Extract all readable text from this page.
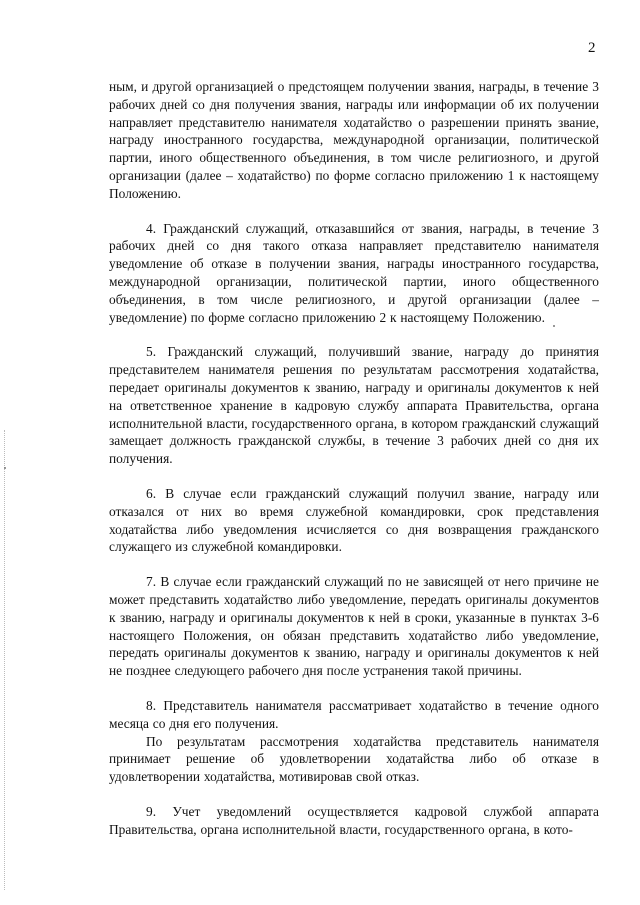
2

ным, и другой организацией о предстоящем получении звания, награды, в течение 3 рабочих дней со дня получения звания, награды или информации об их получении направляет представителю нанимателя ходатайство о разрешении принять звание, награду иностранного государства, международной организации, политической партии, иного общественного объединения, в том числе религиозного, и другой организации (далее – ходатайство) по форме согласно приложению 1 к настоящему Положению.

4. Гражданский служащий, отказавшийся от звания, награды, в течение 3 рабочих дней со дня такого отказа направляет представителю нанимателя уведомление об отказе в получении звания, награды иностранного государства, международной организации, политической партии, иного общественного объединения, в том числе религиозного, и другой организации (далее – уведомление) по форме согласно приложению 2 к настоящему Положению.

5. Гражданский служащий, получивший звание, награду до принятия представителем нанимателя решения по результатам рассмотрения ходатайства, передает оригиналы документов к званию, награду и оригиналы документов к ней на ответственное хранение в кадровую службу аппарата Правительства, органа исполнительной власти, государственного органа, в котором гражданский служащий замещает должность гражданской службы, в течение 3 рабочих дней со дня их получения.

6. В случае если гражданский служащий получил звание, награду или отказался от них во время служебной командировки, срок представления ходатайства либо уведомления исчисляется со дня возвращения гражданского служащего из служебной командировки.

7. В случае если гражданский служащий по не зависящей от него причине не может представить ходатайство либо уведомление, передать оригиналы документов к званию, награду и оригиналы документов к ней в сроки, указанные в пунктах 3-6 настоящего Положения, он обязан представить ходатайство либо уведомление, передать оригиналы документов к званию, награду и оригиналы документов к ней не позднее следующего рабочего дня после устранения такой причины.

8. Представитель нанимателя рассматривает ходатайство в течение одного месяца со дня его получения.

По результатам рассмотрения ходатайства представитель нанимателя принимает решение об удовлетворении ходатайства либо об отказе в удовлетворении ходатайства, мотивировав свой отказ.

9. Учет уведомлений осуществляется кадровой службой аппарата Правительства, органа исполнительной власти, государственного органа, в кото-
